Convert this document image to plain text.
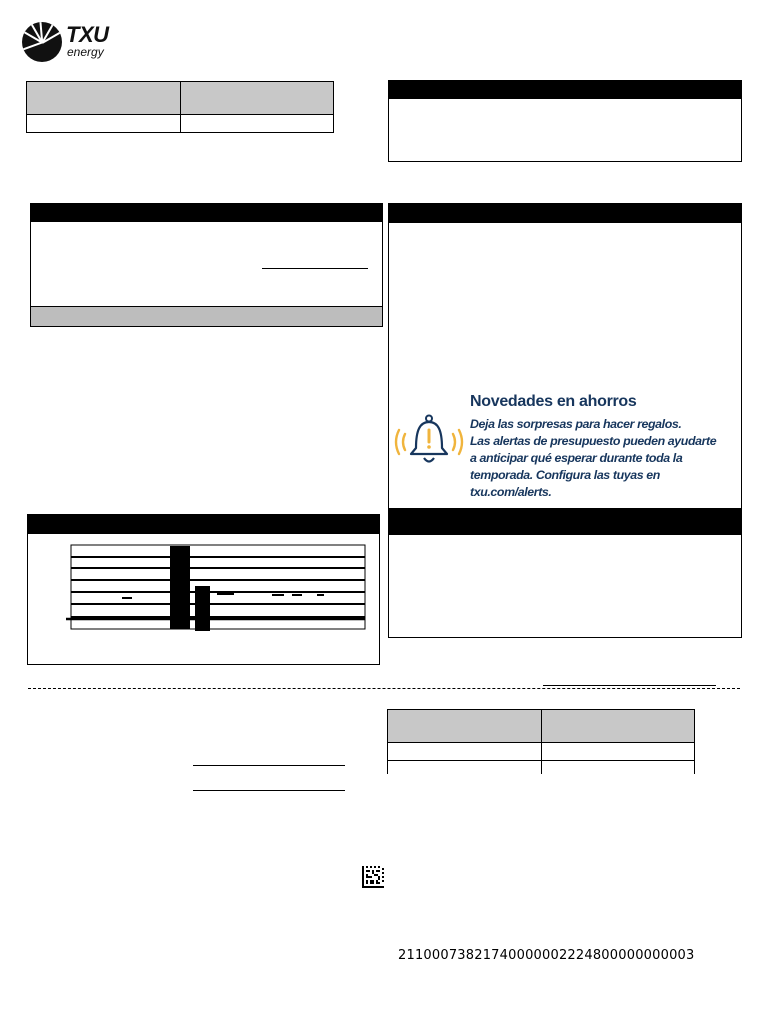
TXU
energy
Novedades en ahorros
Deja las sorpresas para hacer regalos.
Las alertas de presupuesto pueden ayudarte
a anticipar qué esperar durante toda la
temporada. Configura las tuyas en
txu.com/alerts.
21100073821740000002224800000000003
